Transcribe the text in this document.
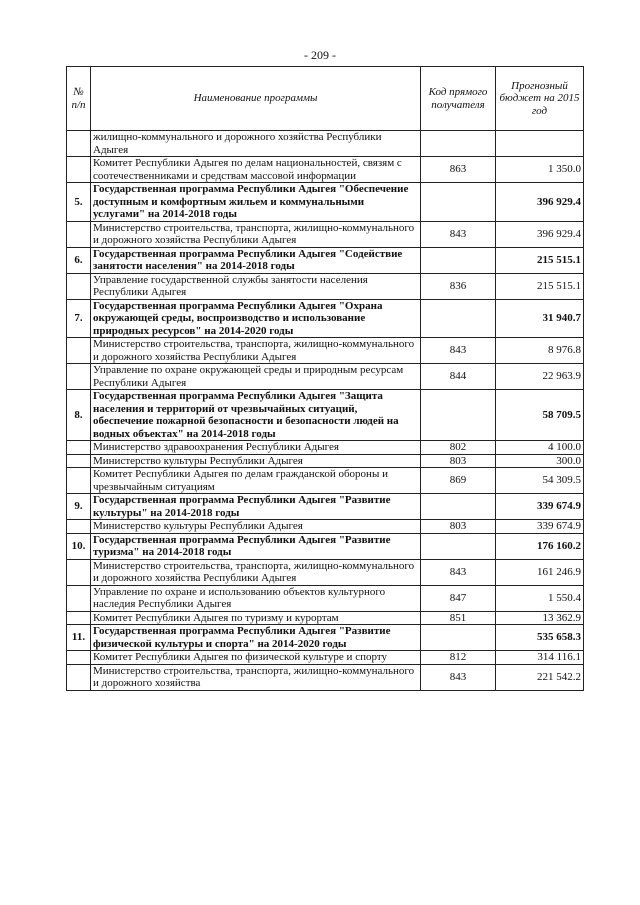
- 209 -
№ п/п	Наименование программы	Код прямого получателя	Прогнозный бюджет на 2015 год
	жилищно-коммунального и дорожного хозяйства Республики Адыгея		
	Комитет Республики Адыгея по делам национальностей, связям с соотечественниками и средствам массовой информации	863	1 350.0
5.	Государственная программа Республики Адыгея "Обеспечение доступным и комфортным жильем и коммунальными услугами" на 2014-2018 годы		396 929.4
	Министерство строительства, транспорта, жилищно-коммунального и дорожного хозяйства Республики Адыгея	843	396 929.4
6.	Государственная программа Республики Адыгея "Содействие занятости населения" на 2014-2018 годы		215 515.1
	Управление государственной службы занятости населения Республики Адыгея	836	215 515.1
7.	Государственная программа Республики Адыгея "Охрана окружающей среды, воспроизводство и использование природных ресурсов" на 2014-2020 годы		31 940.7
	Министерство строительства, транспорта, жилищно-коммунального и дорожного хозяйства Республики Адыгея	843	8 976.8
	Управление по охране окружающей среды и природным ресурсам Республики Адыгея	844	22 963.9
8.	Государственная программа Республики Адыгея "Защита населения и территорий от чрезвычайных ситуаций, обеспечение пожарной безопасности и безопасности людей на водных объектах" на 2014-2018 годы		58 709.5
	Министерство здравоохранения Республики Адыгея	802	4 100.0
	Министерство культуры Республики Адыгея	803	300.0
	Комитет Республики Адыгея по делам гражданской обороны и чрезвычайным ситуациям	869	54 309.5
9.	Государственная программа Республики Адыгея "Развитие культуры" на 2014-2018 годы		339 674.9
	Министерство культуры Республики Адыгея	803	339 674.9
10.	Государственная программа Республики Адыгея "Развитие туризма" на 2014-2018 годы		176 160.2
	Министерство строительства, транспорта, жилищно-коммунального и дорожного хозяйства Республики Адыгея	843	161 246.9
	Управление по охране и использованию объектов культурного наследия Республики Адыгея	847	1 550.4
	Комитет Республики Адыгея по туризму и курортам	851	13 362.9
11.	Государственная программа Республики Адыгея "Развитие физической культуры и спорта" на 2014-2020 годы		535 658.3
	Комитет Республики Адыгея по физической культуре и спорту	812	314 116.1
	Министерство строительства, транспорта, жилищно-коммунального и дорожного хозяйства	843	221 542.2
